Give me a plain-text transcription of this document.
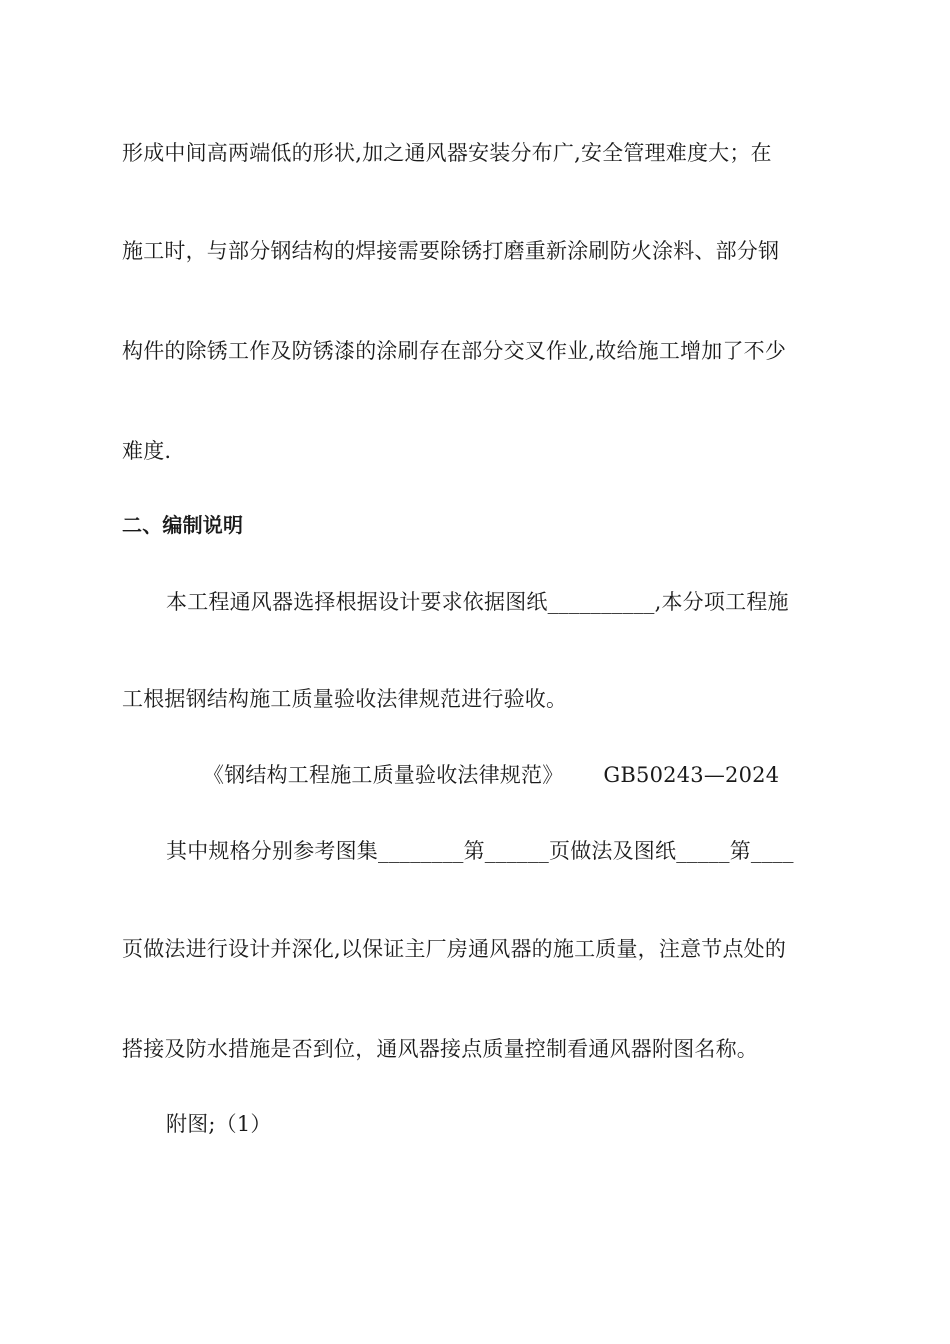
形成中间高两端低的形状,加之通风器安装分布广,安全管理难度大；在
施工时，与部分钢结构的焊接需要除锈打磨重新涂刷防火涂料、部分钢
构件的除锈工作及防锈漆的涂刷存在部分交叉作业,故给施工增加了不少
难度.
二、编制说明
本工程通风器选择根据设计要求依据图纸__________,本分项工程施
工根据钢结构施工质量验收法律规范进行验收。
《钢结构工程施工质量验收法律规范》 GB50243—2024
其中规格分别参考图集________第______页做法及图纸_____第____
页做法进行设计并深化,以保证主厂房通风器的施工质量，注意节点处的
搭接及防水措施是否到位，通风器接点质量控制看通风器附图名称。
附图;（1）
